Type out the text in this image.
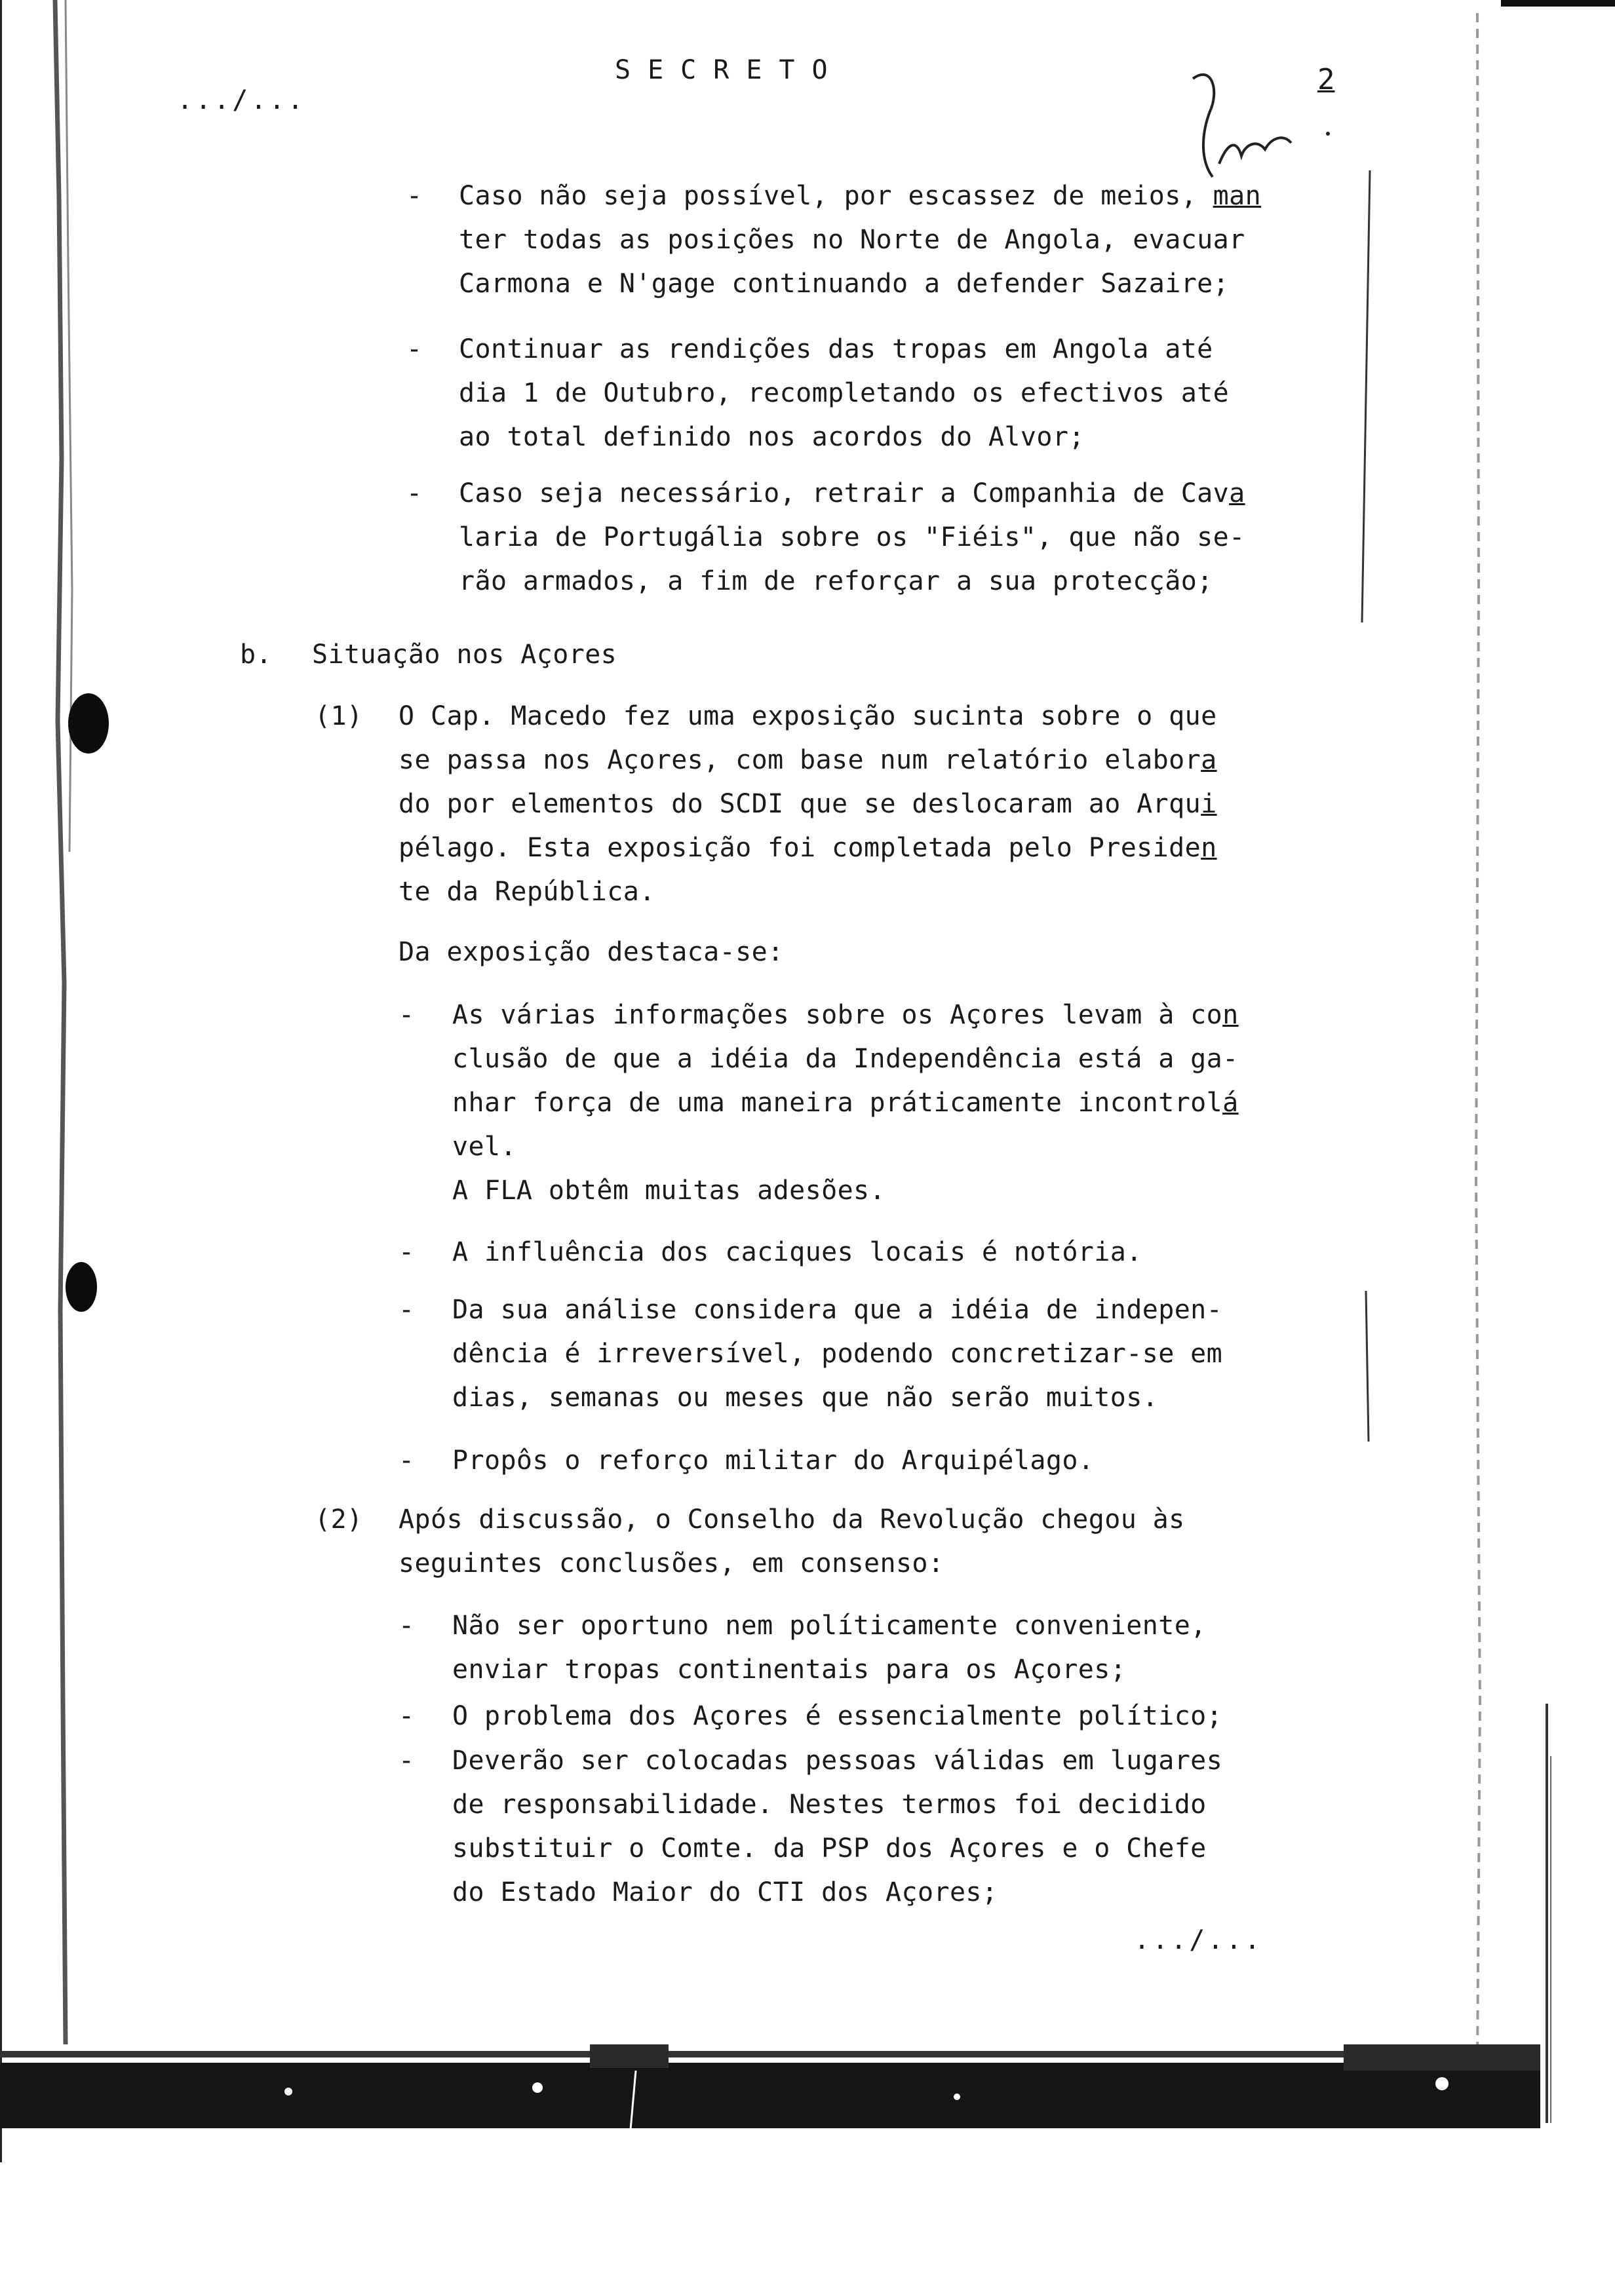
SECRETO
.../...
2
- Caso não seja possível, por escassez de meios, man
ter todas as posições no Norte de Angola, evacuar
Carmona e N'gage continuando a defender Sazaire;
- Continuar as rendições das tropas em Angola até
dia 1 de Outubro, recompletando os efectivos até
ao total definido nos acordos do Alvor;
- Caso seja necessário, retrair a Companhia de Cava
laria de Portugália sobre os "Fiéis", que não se-
rão armados, a fim de reforçar a sua protecção;
b. Situação nos Açores
(1) O Cap. Macedo fez uma exposição sucinta sobre o que
se passa nos Açores, com base num relatório elabora
do por elementos do SCDI que se deslocaram ao Arqui
pélago. Esta exposição foi completada pelo Presiden
te da República.
Da exposição destaca-se:
- As várias informações sobre os Açores levam à con
clusão de que a idéia da Independência está a ga-
nhar força de uma maneira práticamente incontrolá
vel.
A FLA obtêm muitas adesões.
- A influência dos caciques locais é notória.
- Da sua análise considera que a idéia de indepen-
dência é irreversível, podendo concretizar-se em
dias, semanas ou meses que não serão muitos.
- Propôs o reforço militar do Arquipélago.
(2) Após discussão, o Conselho da Revolução chegou às
seguintes conclusões, em consenso:
- Não ser oportuno nem políticamente conveniente,
enviar tropas continentais para os Açores;
- O problema dos Açores é essencialmente político;
- Deverão ser colocadas pessoas válidas em lugares
de responsabilidade. Nestes termos foi decidido
substituir o Comte. da PSP dos Açores e o Chefe
do Estado Maior do CTI dos Açores;
.../...
